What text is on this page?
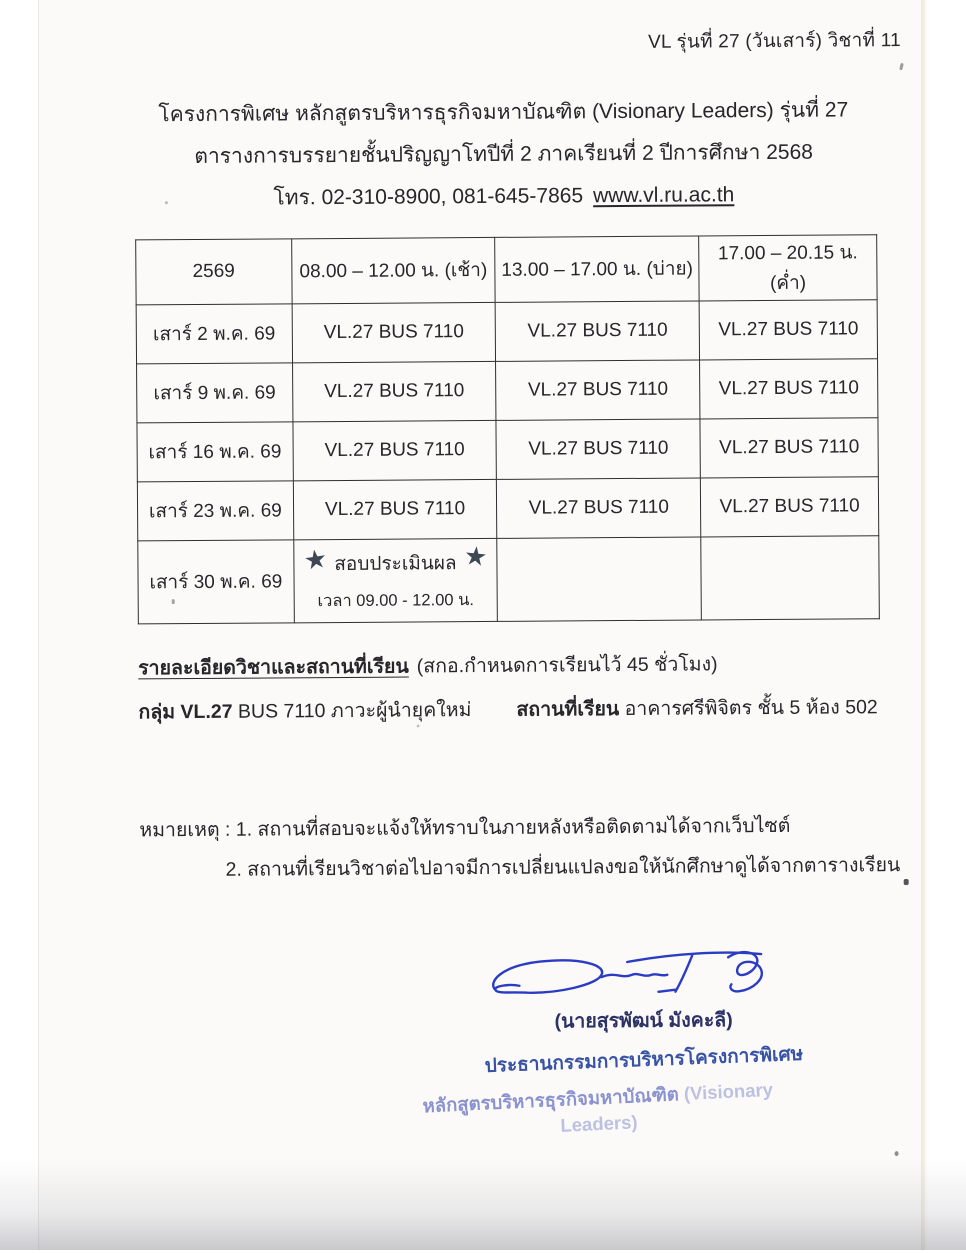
VL รุ่นที่ 27 (วันเสาร์) วิชาที่ 11
โครงการพิเศษ หลักสูตรบริหารธุรกิจมหาบัณฑิต (Visionary Leaders) รุ่นที่ 27
ตารางการบรรยายชั้นปริญญาโทปีที่ 2 ภาคเรียนที่ 2 ปีการศึกษา 2568
โทร. 02-310-8900, 081-645-7865 www.vl.ru.ac.th
2569	08.00 – 12.00 น. (เช้า)	13.00 – 17.00 น. (บ่าย)	17.00 – 20.15 น. (ค่ำ)
เสาร์ 2 พ.ค. 69	VL.27 BUS 7110	VL.27 BUS 7110	VL.27 BUS 7110
เสาร์ 9 พ.ค. 69	VL.27 BUS 7110	VL.27 BUS 7110	VL.27 BUS 7110
เสาร์ 16 พ.ค. 69	VL.27 BUS 7110	VL.27 BUS 7110	VL.27 BUS 7110
เสาร์ 23 พ.ค. 69	VL.27 BUS 7110	VL.27 BUS 7110	VL.27 BUS 7110
เสาร์ 30 พ.ค. 69	★ สอบประเมินผล ★
เวลา 09.00 - 12.00 น.		

รายละเอียดวิชาและสถานที่เรียน (สกอ.กำหนดการเรียนไว้ 45 ชั่วโมง)
กลุ่ม VL.27 BUS 7110 ภาวะผู้นำยุคใหม่ สถานที่เรียน อาคารศรีพิจิตร ชั้น 5 ห้อง 502
หมายเหตุ : 1. สถานที่สอบจะแจ้งให้ทราบในภายหลังหรือติดตามได้จากเว็บไซต์
2. สถานที่เรียนวิชาต่อไปอาจมีการเปลี่ยนแปลงขอให้นักศึกษาดูได้จากตารางเรียน
(นายสุรพัฒน์ มังคะลี)
ประธานกรรมการบริหารโครงการพิเศษ
หลักสูตรบริหารธุรกิจมหาบัณฑิต (Visionary Leaders)
